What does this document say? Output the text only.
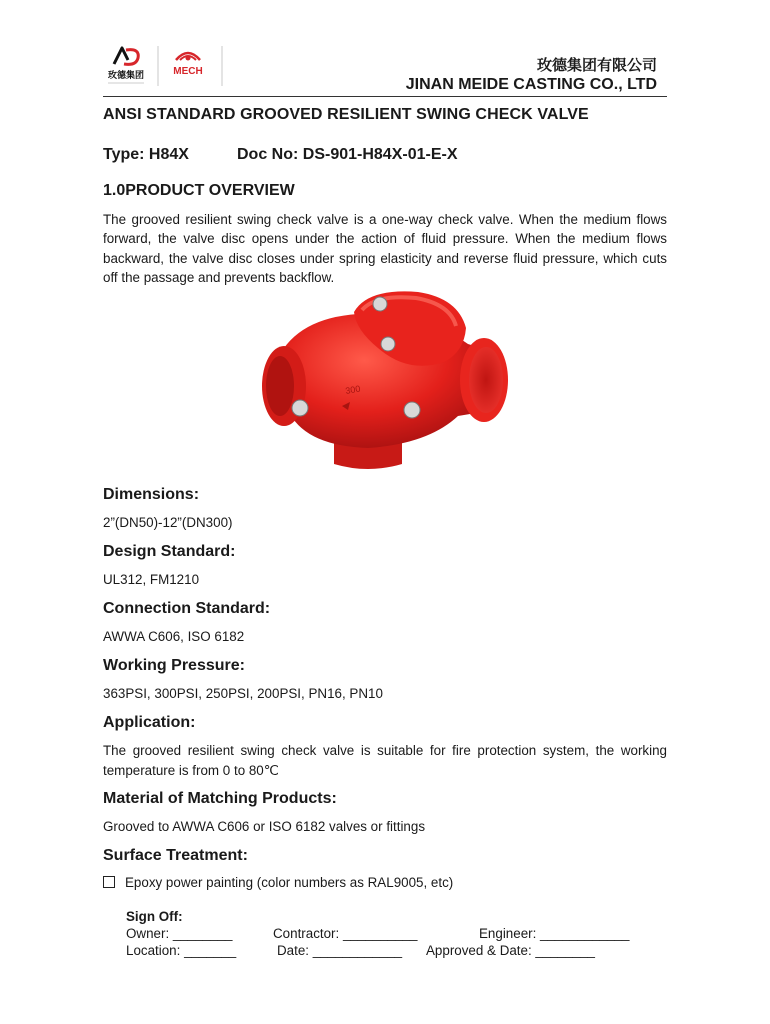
玫德集团	MECH	玫德集团有限公司
JINAN MEIDE CASTING CO., LTD
ANSI STANDARD GROOVED RESILIENT SWING CHECK VALVE
Type: H84X	Doc No: DS-901-H84X-01-E-X
1.0PRODUCT OVERVIEW
The grooved resilient swing check valve is a one-way check valve. When the medium flows forward, the valve disc opens under the action of fluid pressure. When the medium flows backward, the valve disc closes under spring elasticity and reverse fluid pressure, which cuts off the passage and prevents backflow.
300
Dimensions:
2”(DN50)-12”(DN300)
Design Standard:
UL312, FM1210
Connection Standard:
AWWA C606, ISO 6182
Working Pressure:
363PSI, 300PSI, 250PSI, 200PSI, PN16, PN10
Application:
The grooved resilient swing check valve is suitable for fire protection system, the working temperature is from 0 to 80℃
Material of Matching Products:
Grooved to AWWA C606 or ISO 6182 valves or fittings
Surface Treatment:
Epoxy power painting (color numbers as RAL9005, etc)
Sign Off:
Owner: ________	Contractor: __________	Engineer: ____________
Location: _______	Date: ____________ Approved & Date: ________
